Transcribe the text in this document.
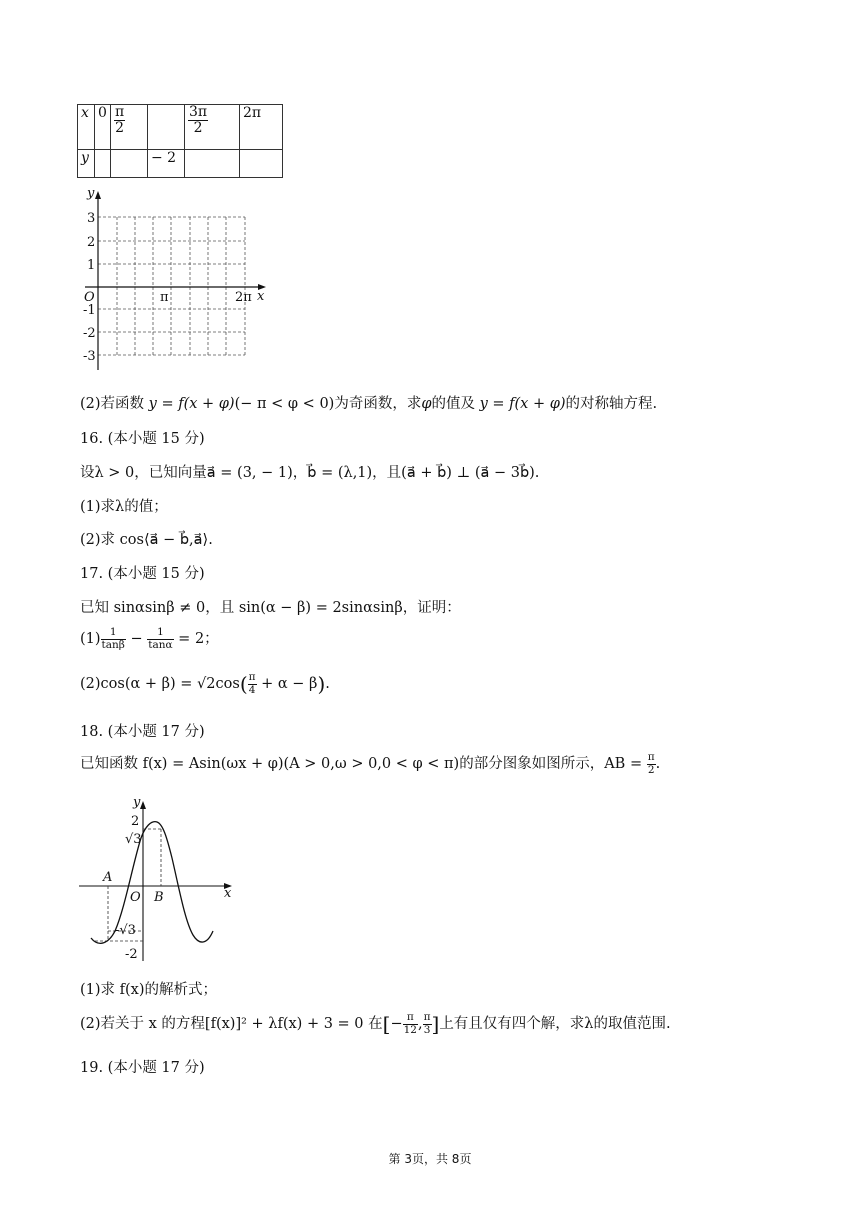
x	0	$\frac{\pi}{2}$		$\frac{3\pi}{2}$	2π
y			− 2		
y
x
O
3
2
1
-1
-2
-3
π	2π
(2)若函数 y = f(x + φ)(− π < φ < 0)为奇函数，求φ的值及 y = f(x + φ)的对称轴方程.
16. (本小题 15 分)
设λ > 0，已知向量a⃗ = (3, − 1)，b⃗ = (λ,1)，且(a⃗ + b⃗) ⊥ (a⃗ − 3b⃗).
(1)求λ的值；
(2)求 cos⟨a⃗ − b⃗,a⃗⟩.
17. (本小题 15 分)
已知 sinαsinβ ≠ 0，且 sin(α − β) = 2sinαsinβ，证明：
$(1) \frac{1}{\tan\beta} - \frac{1}{\tan\alpha} = 2$；
$(2)\cos(\alpha + \beta) = √2\cos( \frac{\pi}{4} + \alpha - \beta)$.
18. (本小题 17 分)
已知函数 f(x) = Asin(ωx + φ)(A > 0,ω > 0,0 < φ < π)的部分图象如图所示，AB = $\frac{\pi}{2}$ .
y
x
O
A
B
2
√3
-√3
-2
(1)求 f(x)的解析式；
(2)若关于 x 的方程[f(x)]² + λf(x) + 3 = 0 在[− $\frac{\pi}{12}$ , $\frac{\pi}{3}$ ]上有且仅有四个解，求λ的取值范围.
19. (本小题 17 分)
第 3页，共 8页
